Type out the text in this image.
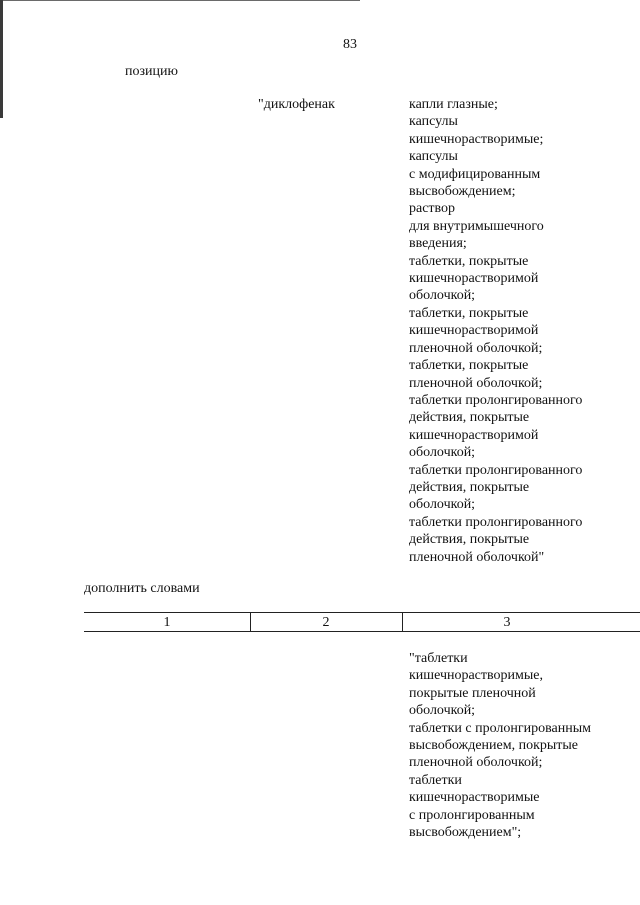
83
позицию
"диклофенак	капли глазные;
капсулы
кишечнорастворимые;
капсулы
с модифицированным
высвобождением;
раствор
для внутримышечного
введения;
таблетки, покрытые
кишечнорастворимой
оболочкой;
таблетки, покрытые
кишечнорастворимой
пленочной оболочкой;
таблетки, покрытые
пленочной оболочкой;
таблетки пролонгированного
действия, покрытые
кишечнорастворимой
оболочкой;
таблетки пролонгированного
действия, покрытые
оболочкой;
таблетки пролонгированного
действия, покрытые
пленочной оболочкой"
дополнить словами
1	2	3
"таблетки
кишечнорастворимые,
покрытые пленочной
оболочкой;
таблетки с пролонгированным
высвобождением, покрытые
пленочной оболочкой;
таблетки
кишечнорастворимые
с пролонгированным
высвобождением";
